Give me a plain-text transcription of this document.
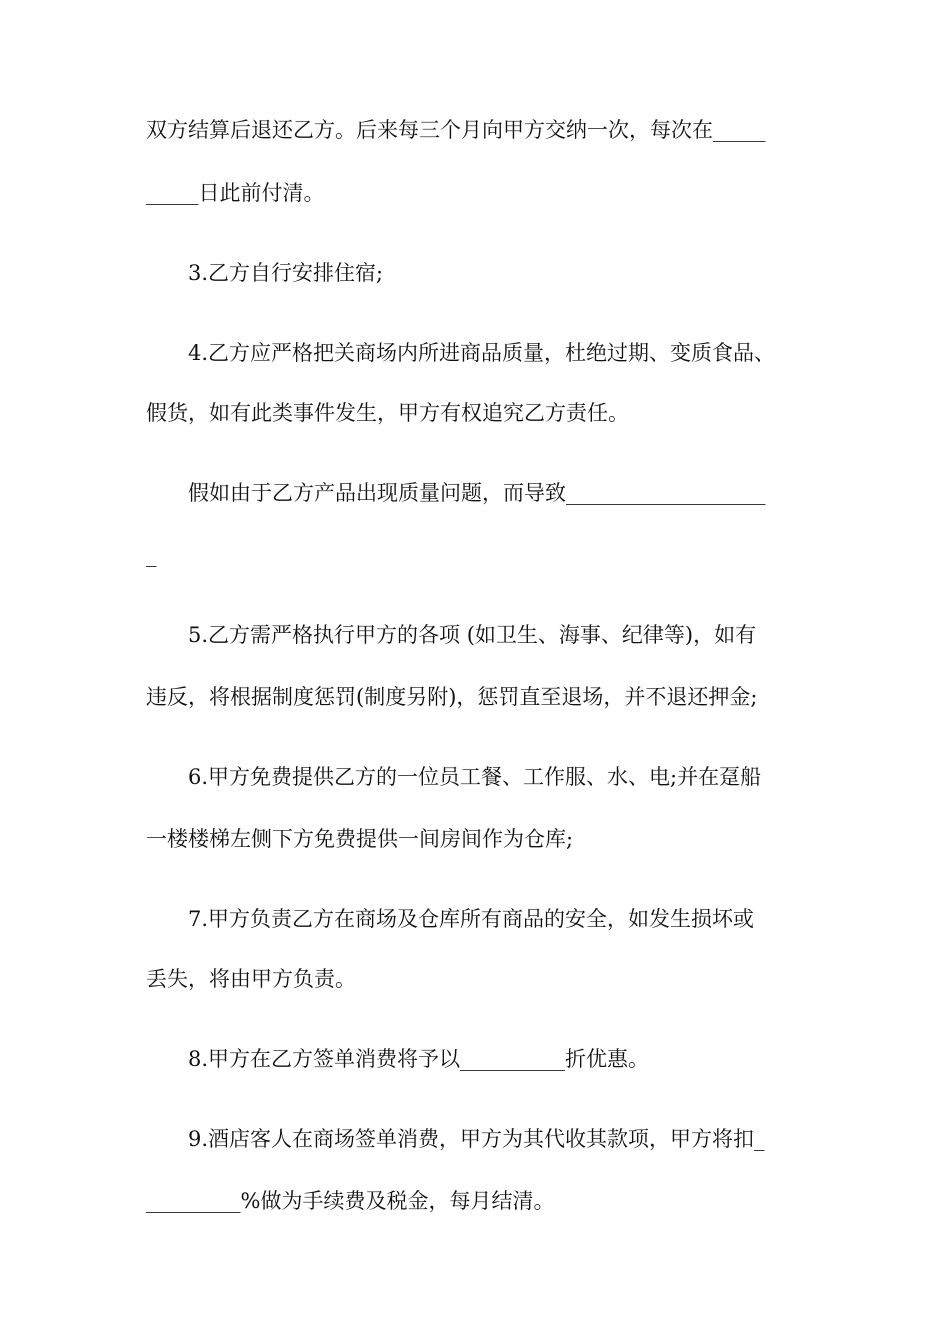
双方结算后退还乙方。后来每三个月向甲方交纳一次，每次在_____
_____日此前付清。
3.乙方自行安排住宿;
4.乙方应严格把关商场内所进商品质量，杜绝过期、变质食品、
假货，如有此类事件发生，甲方有权追究乙方责任。
假如由于乙方产品出现质量问题，而导致___________________
_
5.乙方需严格执行甲方的各项 (如卫生、海事、纪律等)，如有
违反，将根据制度惩罚(制度另附)，惩罚直至退场，并不退还押金;
6.甲方免费提供乙方的一位员工餐、工作服、水、电;并在趸船
一楼楼梯左侧下方免费提供一间房间作为仓库;
7.甲方负责乙方在商场及仓库所有商品的安全，如发生损坏或
丢失，将由甲方负责。
8.甲方在乙方签单消费将予以__________折优惠。
9.酒店客人在商场签单消费，甲方为其代收其款项，甲方将扣_
_________%做为手续费及税金，每月结清。
